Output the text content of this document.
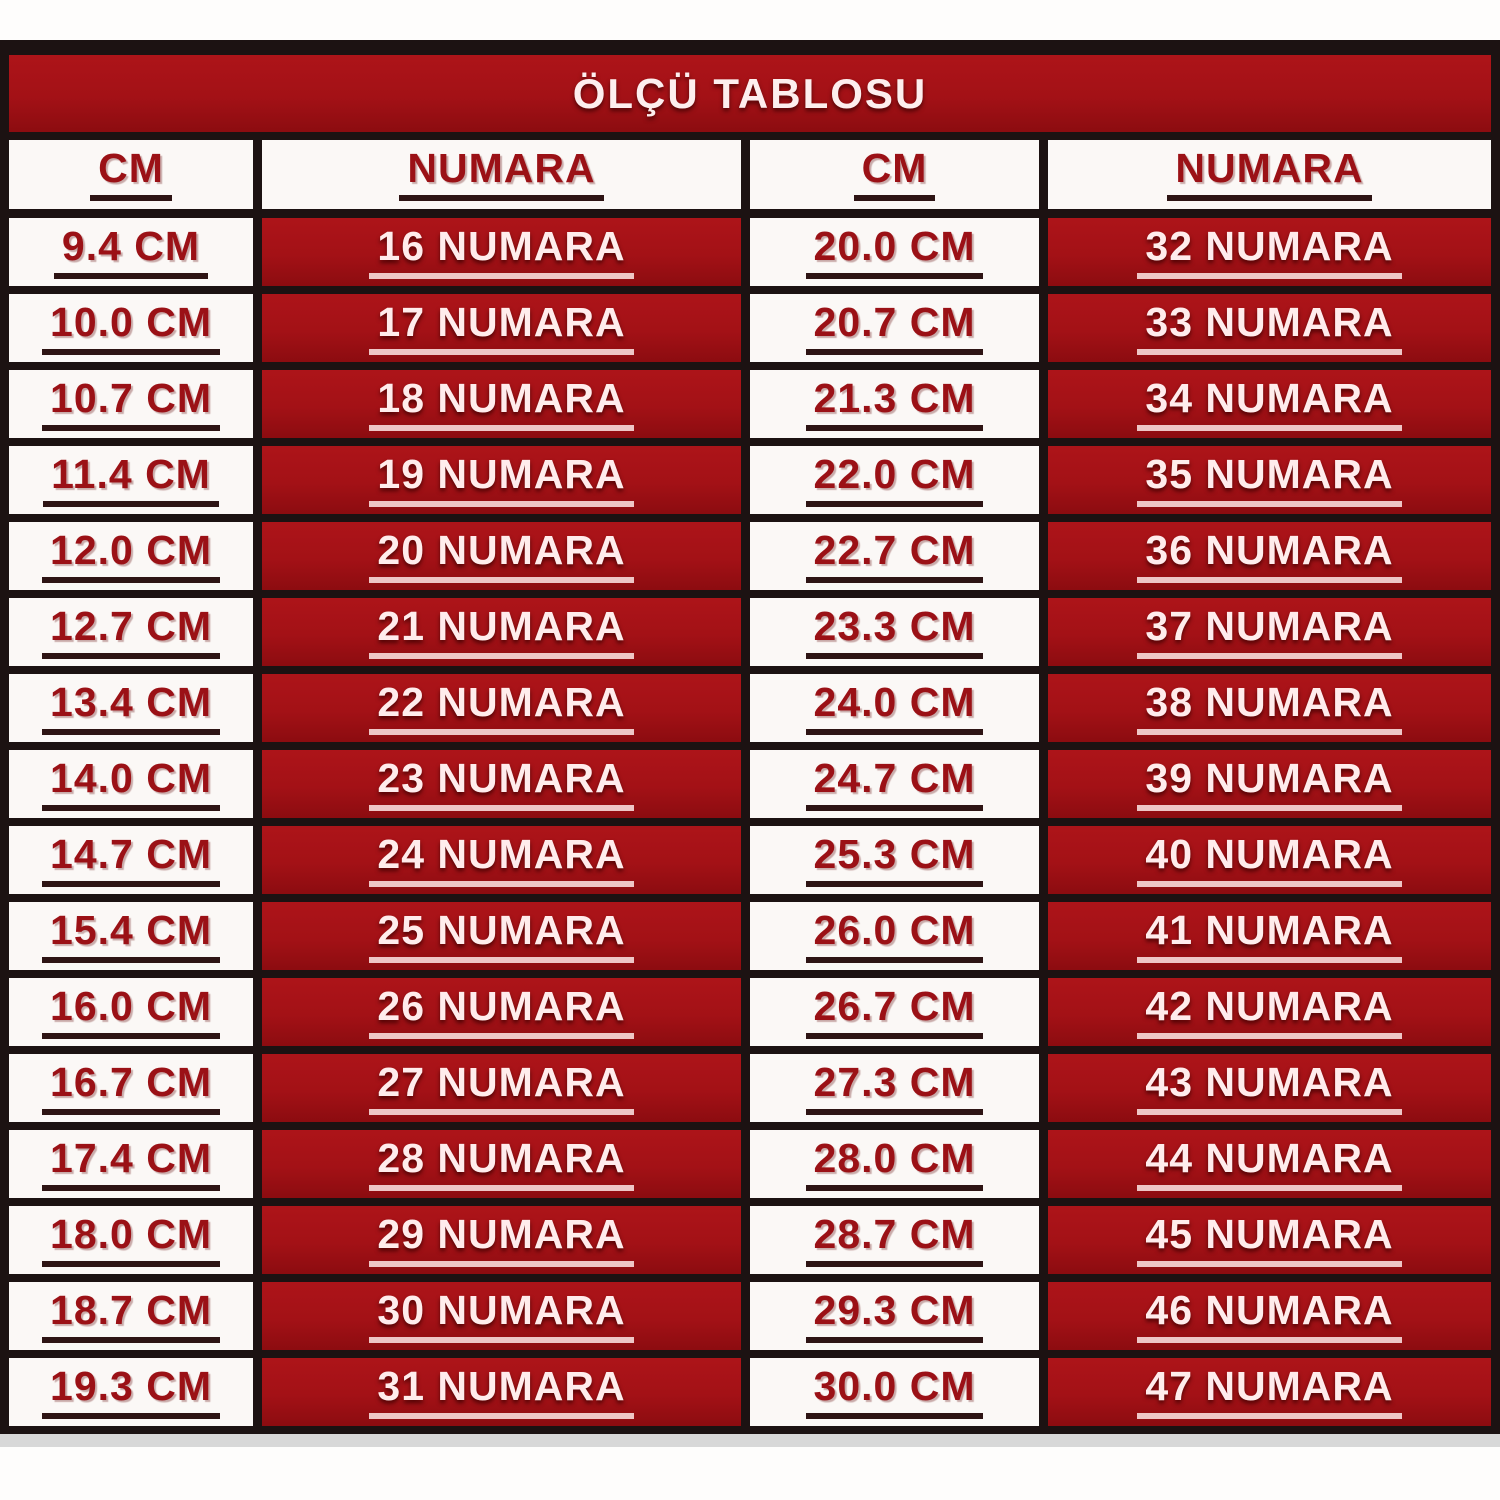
ÖLÇÜ TABLOSU
CM	NUMARA	CM	NUMARA
9.4 CM	16 NUMARA	20.0 CM	32 NUMARA
10.0 CM	17 NUMARA	20.7 CM	33 NUMARA
10.7 CM	18 NUMARA	21.3 CM	34 NUMARA
11.4 CM	19 NUMARA	22.0 CM	35 NUMARA
12.0 CM	20 NUMARA	22.7 CM	36 NUMARA
12.7 CM	21 NUMARA	23.3 CM	37 NUMARA
13.4 CM	22 NUMARA	24.0 CM	38 NUMARA
14.0 CM	23 NUMARA	24.7 CM	39 NUMARA
14.7 CM	24 NUMARA	25.3 CM	40 NUMARA
15.4 CM	25 NUMARA	26.0 CM	41 NUMARA
16.0 CM	26 NUMARA	26.7 CM	42 NUMARA
16.7 CM	27 NUMARA	27.3 CM	43 NUMARA
17.4 CM	28 NUMARA	28.0 CM	44 NUMARA
18.0 CM	29 NUMARA	28.7 CM	45 NUMARA
18.7 CM	30 NUMARA	29.3 CM	46 NUMARA
19.3 CM	31 NUMARA	30.0 CM	47 NUMARA
